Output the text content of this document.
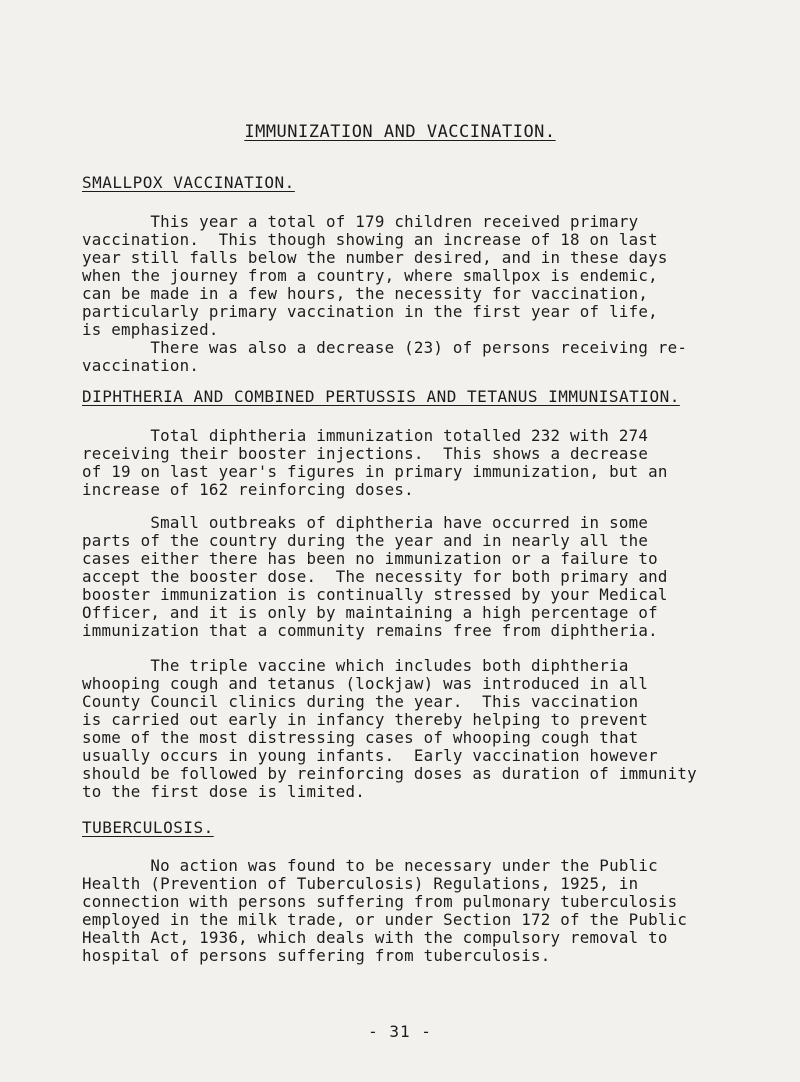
IMMUNIZATION AND VACCINATION.
SMALLPOX VACCINATION.
This year a total of 179 children received primary
vaccination.  This though showing an increase of 18 on last
year still falls below the number desired, and in these days
when the journey from a country, where smallpox is endemic,
can be made in a few hours, the necessity for vaccination,
particularly primary vaccination in the first year of life,
is emphasized.
There was also a decrease (23) of persons receiving re-
vaccination.
DIPHTHERIA AND COMBINED PERTUSSIS AND TETANUS IMMUNISATION.
Total diphtheria immunization totalled 232 with 274
receiving their booster injections.  This shows a decrease
of 19 on last year's figures in primary immunization, but an
increase of 162 reinforcing doses.
Small outbreaks of diphtheria have occurred in some
parts of the country during the year and in nearly all the
cases either there has been no immunization or a failure to
accept the booster dose.  The necessity for both primary and
booster immunization is continually stressed by your Medical
Officer, and it is only by maintaining a high percentage of
immunization that a community remains free from diphtheria.
The triple vaccine which includes both diphtheria
whooping cough and tetanus (lockjaw) was introduced in all
County Council clinics during the year.  This vaccination
is carried out early in infancy thereby helping to prevent
some of the most distressing cases of whooping cough that
usually occurs in young infants.  Early vaccination however
should be followed by reinforcing doses as duration of immunity
to the first dose is limited.
TUBERCULOSIS.
No action was found to be necessary under the Public
Health (Prevention of Tuberculosis) Regulations, 1925, in
connection with persons suffering from pulmonary tuberculosis
employed in the milk trade, or under Section 172 of the Public
Health Act, 1936, which deals with the compulsory removal to
hospital of persons suffering from tuberculosis.
- 31 -
